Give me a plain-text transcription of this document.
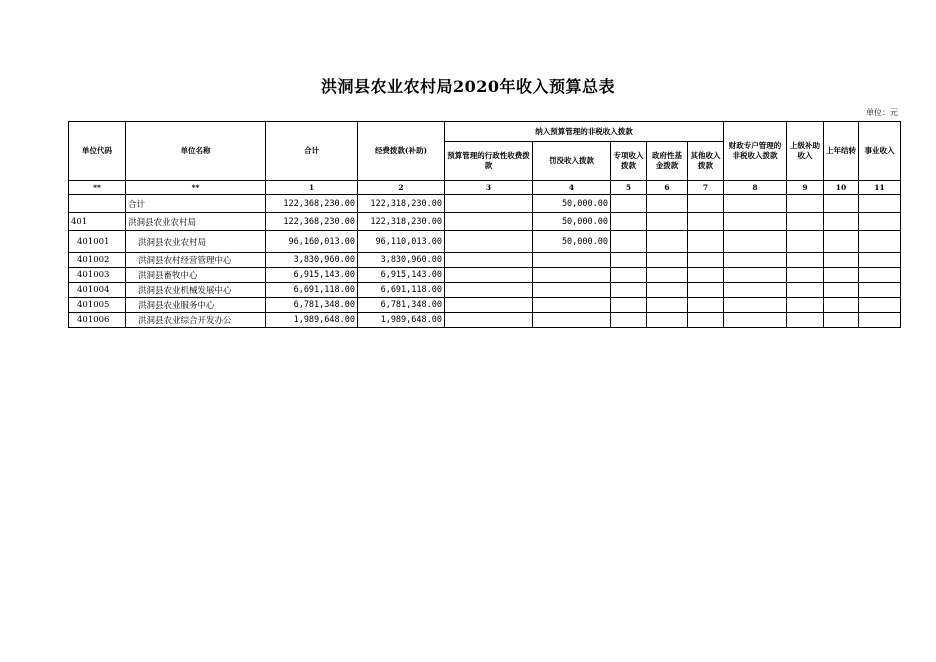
洪洞县农业农村局2020年收入预算总表
单位：元
单位代码	单位名称	合计	经费拨款(补助)	纳入预算管理的非税收入拨款					财政专户管理的非税收入拨款	上级补助收入	上年结转	事业收入
				预算管理的行政性收费拨款	罚没收入拨款	专项收入拨款	政府性基金拨款	其他收入拨款				
**	**	1	2	3	4	5	6	7	8	9	10	11
	合计	122,368,230.00	122,318,230.00		50,000.00							
401	洪洞县农业农村局	122,368,230.00	122,318,230.00		50,000.00							
401001	洪洞县农业农村局	96,160,013.00	96,110,013.00		50,000.00							
401002	洪洞县农村经营管理中心	3,830,960.00	3,830,960.00									
401003	洪洞县畜牧中心	6,915,143.00	6,915,143.00									
401004	洪洞县农业机械发展中心	6,691,118.00	6,691,118.00									
401005	洪洞县农业服务中心	6,781,348.00	6,781,348.00									
401006	洪洞县农业综合开发办公	1,989,648.00	1,989,648.00									
